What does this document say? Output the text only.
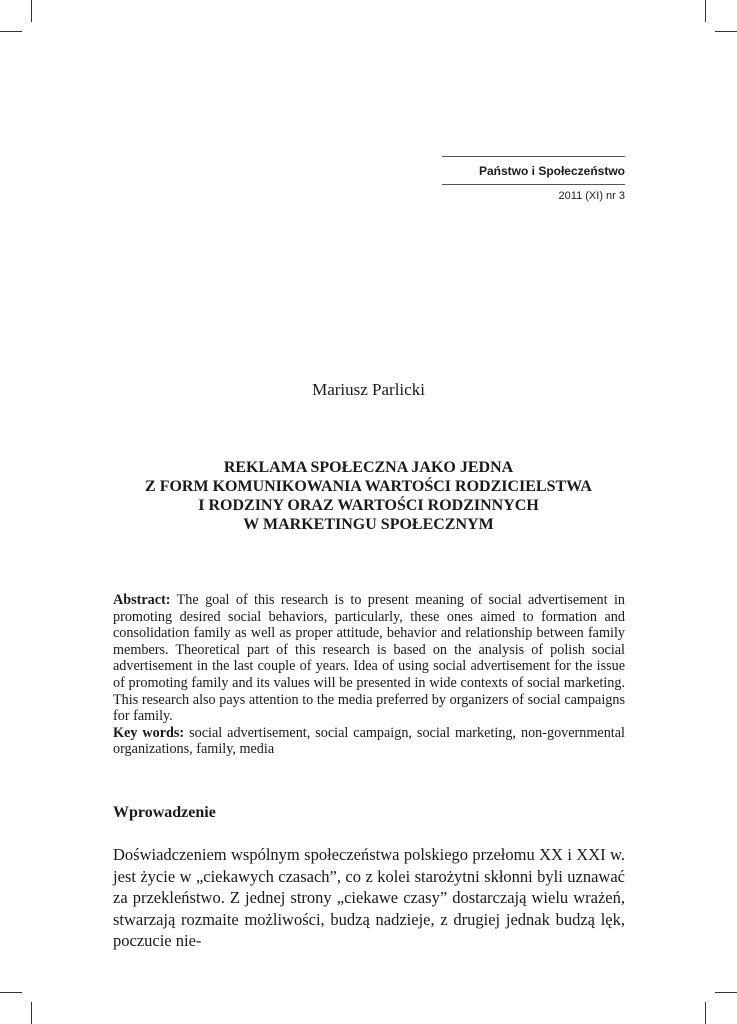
Państwo i Społeczeństwo
2011 (XI) nr 3
Mariusz Parlicki
REKLAMA SPOŁECZNA JAKO JEDNA
Z FORM KOMUNIKOWANIA WARTOŚCI RODZICIELSTWA
I RODZINY ORAZ WARTOŚCI RODZINNYCH
W MARKETINGU SPOŁECZNYM

Abstract: The goal of this research is to present meaning of social advertisement in promoting desired social behaviors, particularly, these ones aimed to formation and consolidation family as well as proper attitude, behavior and relationship between family members. Theoretical part of this research is based on the analysis of polish social advertisement in the last couple of years. Idea of using social advertisement for the issue of promoting family and its values will be presented in wide contexts of social marketing. This research also pays attention to the media preferred by organizers of social campaigns for family.

Key words: social advertisement, social campaign, social marketing, non-governmental organizations, family, media

Wprowadzenie

Doświadczeniem wspólnym społeczeństwa polskiego przełomu XX i XXI w. jest życie w „ciekawych czasach”, co z kolei starożytni skłonni byli uznawać za przekleństwo. Z jednej strony „ciekawe czasy” dostarczają wielu wrażeń, stwarzają rozmaite możliwości, budzą nadzieje, z drugiej jednak budzą lęk, poczucie nie-
